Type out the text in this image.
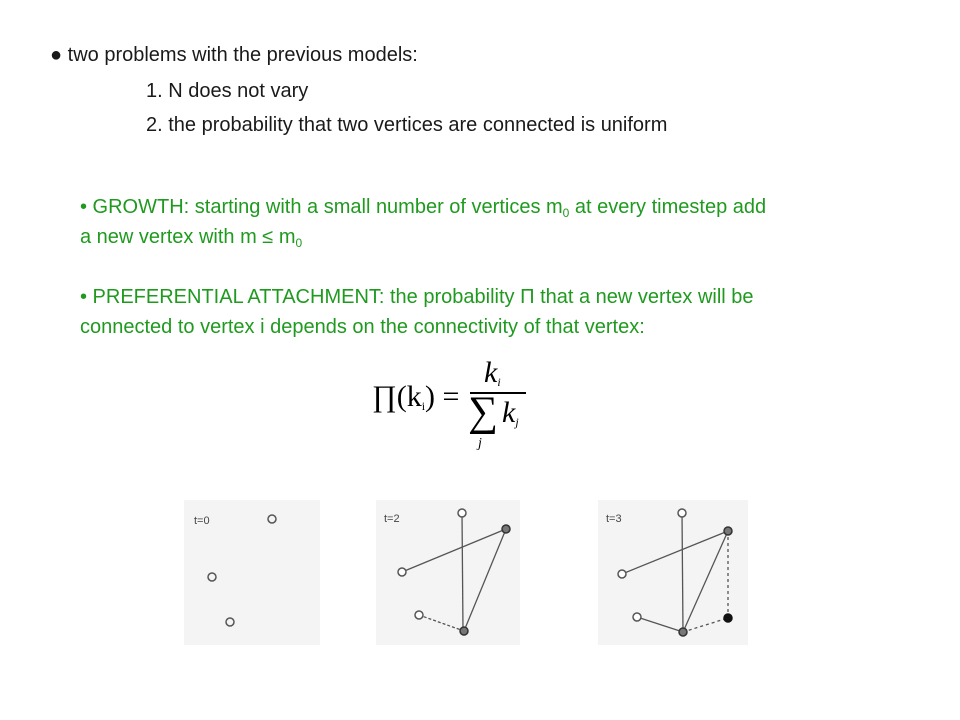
● two problems with the previous models:
1. N does not vary
2. the probability that two vertices are connected is uniform
• GROWTH: starting with a small number of vertices $m_0$ at every timestep add
a new vertex with $m \le m_0$
• PREFERENTIAL ATTACHMENT: the probability Π that a new vertex will be
connected to vertex i depends on the connectivity of that vertex:
$\prod(k_i)$ =
$k_i$
∑ $k_j$
j
t=0	t=2	t=3
